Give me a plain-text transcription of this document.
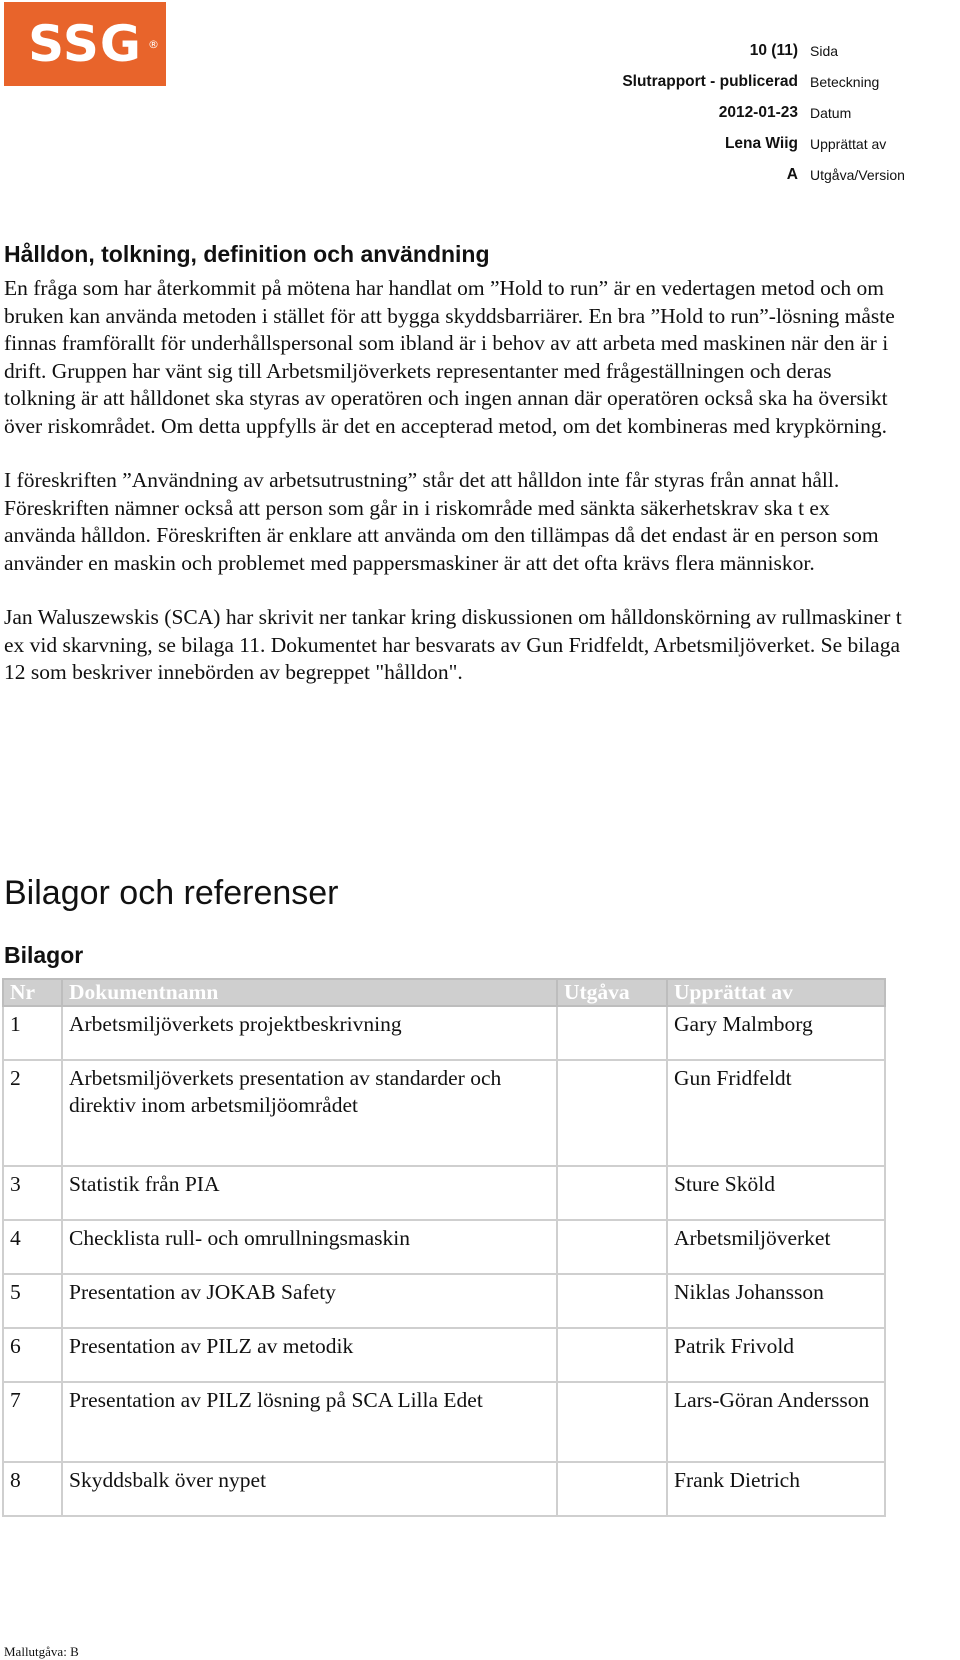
SSG ®	10 (11) Sida
Slutrapport - publicerad Beteckning
2012-01-23 Datum
Lena Wiig Upprättat av
A Utgåva/Version
Hålldon, tolkning, definition och användning

En fråga som har återkommit på mötena har handlat om ”Hold to run” är en vedertagen metod och om bruken kan använda metoden i stället för att bygga skyddsbarriärer. En bra ”Hold to run”-lösning måste finnas framförallt för underhållspersonal som ibland är i behov av att arbeta med maskinen när den är i drift. Gruppen har vänt sig till Arbetsmiljöverkets representanter med frågeställningen och deras tolkning är att hålldonet ska styras av operatören och ingen annan där operatören också ska ha översikt över riskområdet. Om detta uppfylls är det en accepterad metod, om det kombineras med krypkörning.

I föreskriften ”Användning av arbetsutrustning” står det att hålldon inte får styras från annat håll. Föreskriften nämner också att person som går in i riskområde med sänkta säkerhetskrav ska t ex använda hålldon. Föreskriften är enklare att använda om den tillämpas då det endast är en person som använder en maskin och problemet med pappersmaskiner är att det ofta krävs flera människor.

Jan Waluszewskis (SCA) har skrivit ner tankar kring diskussionen om hålldonskörning av rullmaskiner t ex vid skarvning, se bilaga 11. Dokumentet har besvarats av Gun Fridfeldt, Arbetsmiljöverket. Se bilaga 12 som beskriver innebörden av begreppet "hålldon".

Bilagor och referenser
Bilagor
Nr	Dokumentnamn	Utgåva	Upprättat av
1	Arbetsmiljöverkets projektbeskrivning		Gary Malmborg
2	Arbetsmiljöverkets presentation av standarder och direktiv inom arbetsmiljöområdet		Gun Fridfeldt
3	Statistik från PIA		Sture Sköld
4	Checklista rull- och omrullningsmaskin		Arbetsmiljöverket
5	Presentation av JOKAB Safety		Niklas Johansson
6	Presentation av PILZ av metodik		Patrik Frivold
7	Presentation av PILZ lösning på SCA Lilla Edet		Lars-Göran Andersson
8	Skyddsbalk över nypet		Frank Dietrich
Mallutgåva: B
